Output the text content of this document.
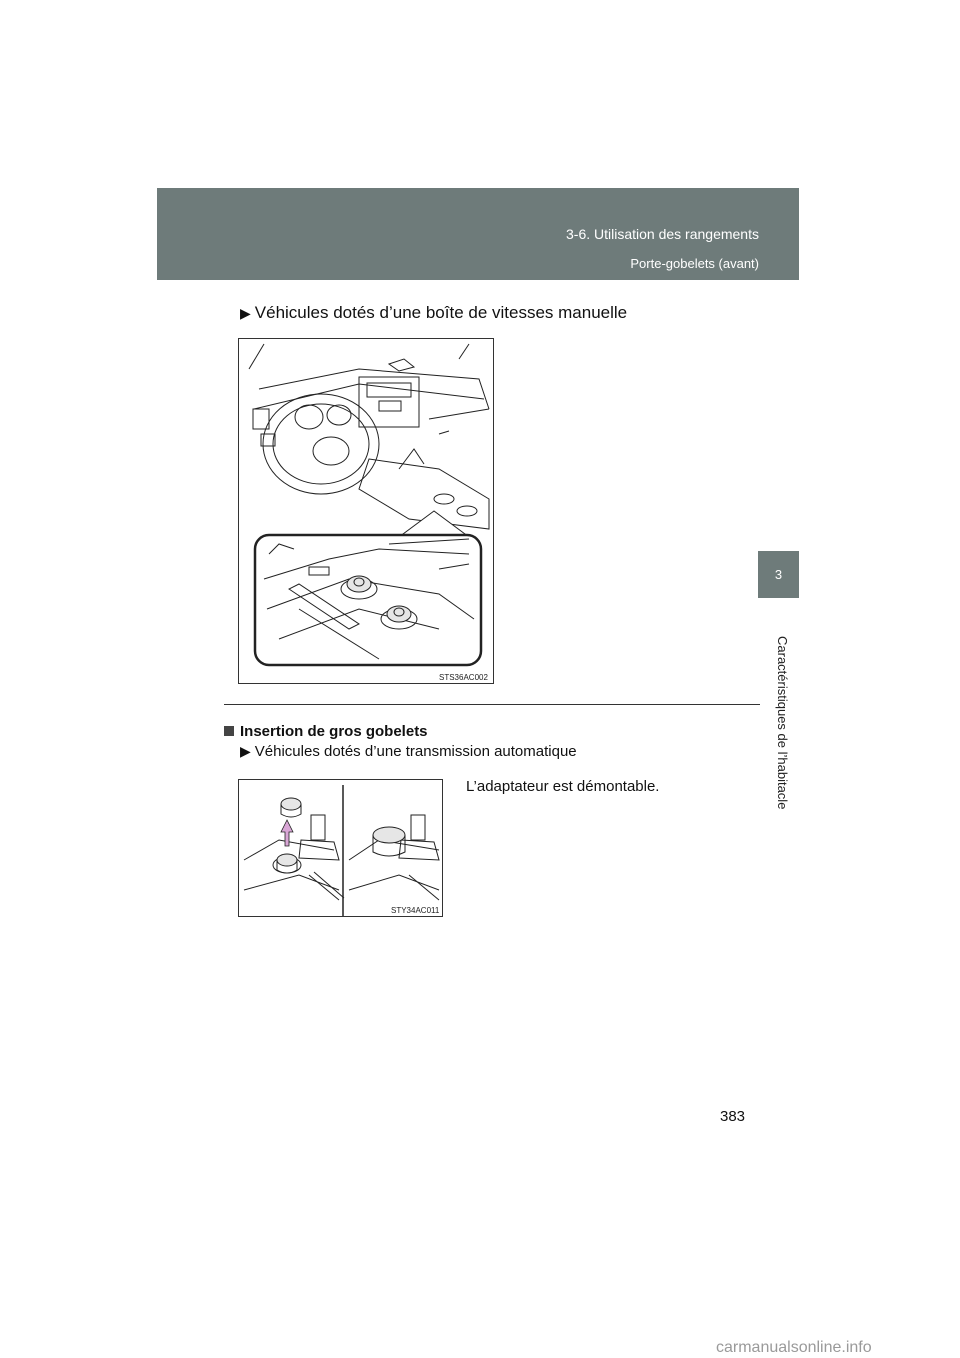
3-6. Utilisation des rangements
Porte-gobelets (avant)
3
Caractéristiques de l’habitacle
▶ Véhicules dotés d’une boîte de vitesses manuelle
STS36AC002
Insertion de gros gobelets
▶ Véhicules dotés d’une transmission automatique
L’adaptateur est démontable.
STY34AC011
383
carmanualsonline.info
